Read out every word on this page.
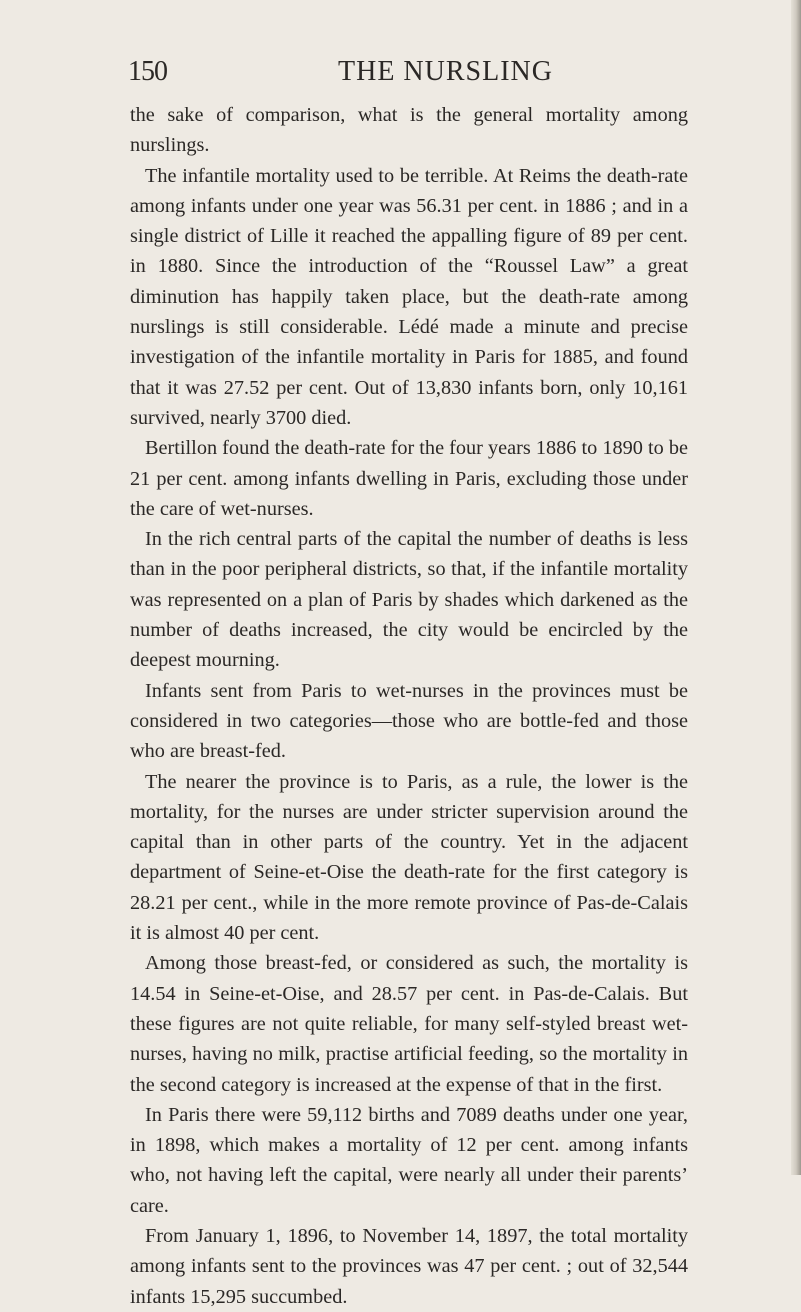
150	THE NURSLING

the sake of comparison, what is the general mortality among nurslings.

The infantile mortality used to be terrible. At Reims the death-rate among infants under one year was 56.31 per cent. in 1886 ; and in a single district of Lille it reached the appalling figure of 89 per cent. in 1880. Since the introduction of the “Roussel Law” a great diminution has happily taken place, but the death-rate among nurslings is still considerable. Lédé made a minute and precise investigation of the infantile mortality in Paris for 1885, and found that it was 27.52 per cent. Out of 13,830 infants born, only 10,161 survived, nearly 3700 died.

Bertillon found the death-rate for the four years 1886 to 1890 to be 21 per cent. among infants dwelling in Paris, excluding those under the care of wet-nurses.

In the rich central parts of the capital the number of deaths is less than in the poor peripheral districts, so that, if the infantile mortality was represented on a plan of Paris by shades which darkened as the number of deaths increased, the city would be encircled by the deepest mourning.

Infants sent from Paris to wet-nurses in the provinces must be considered in two categories—those who are bottle-fed and those who are breast-fed.

The nearer the province is to Paris, as a rule, the lower is the mortality, for the nurses are under stricter supervision around the capital than in other parts of the country. Yet in the adjacent department of Seine-et-Oise the death-rate for the first category is 28.21 per cent., while in the more remote province of Pas-de-Calais it is almost 40 per cent.

Among those breast-fed, or considered as such, the mortality is 14.54 in Seine-et-Oise, and 28.57 per cent. in Pas-de-Calais. But these figures are not quite reliable, for many self-styled breast wet-nurses, having no milk, practise artificial feeding, so the mortality in the second category is increased at the expense of that in the first.

In Paris there were 59,112 births and 7089 deaths under one year, in 1898, which makes a mortality of 12 per cent. among infants who, not having left the capital, were nearly all under their parents’ care.

From January 1, 1896, to November 14, 1897, the total mortality among infants sent to the provinces was 47 per cent. ; out of 32,544 infants 15,295 succumbed.
